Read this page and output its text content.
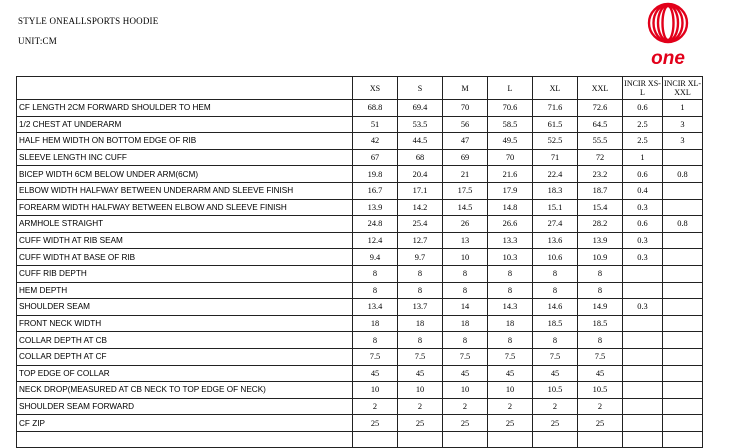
STYLE ONEALLSPORTS HOODIE
UNIT:CM
one
	XS	S	M	L	XL	XXL	INCIR XS-L	INCIR XL-XXL
CF LENGTH 2CM FORWARD SHOULDER TO HEM	68.8	69.4	70	70.6	71.6	72.6	0.6	1
1/2 CHEST AT UNDERARM	51	53.5	56	58.5	61.5	64.5	2.5	3
HALF HEM WIDTH ON BOTTOM EDGE OF RIB	42	44.5	47	49.5	52.5	55.5	2.5	3
SLEEVE LENGTH INC CUFF	67	68	69	70	71	72	1	
BICEP WIDTH 6CM BELOW UNDER ARM(6CM)	19.8	20.4	21	21.6	22.4	23.2	0.6	0.8
ELBOW WIDTH HALFWAY BETWEEN UNDERARM AND SLEEVE FINISH	16.7	17.1	17.5	17.9	18.3	18.7	0.4	
FOREARM WIDTH HALFWAY BETWEEN ELBOW AND SLEEVE FINISH	13.9	14.2	14.5	14.8	15.1	15.4	0.3	
ARMHOLE STRAIGHT	24.8	25.4	26	26.6	27.4	28.2	0.6	0.8
CUFF WIDTH AT RIB SEAM	12.4	12.7	13	13.3	13.6	13.9	0.3	
CUFF WIDTH AT BASE OF RIB	9.4	9.7	10	10.3	10.6	10.9	0.3	
CUFF RIB DEPTH	8	8	8	8	8	8		
HEM DEPTH	8	8	8	8	8	8		
SHOULDER SEAM	13.4	13.7	14	14.3	14.6	14.9	0.3	
FRONT NECK WIDTH	18	18	18	18	18.5	18.5		
COLLAR DEPTH AT CB	8	8	8	8	8	8		
COLLAR DEPTH AT CF	7.5	7.5	7.5	7.5	7.5	7.5		
TOP EDGE OF COLLAR	45	45	45	45	45	45		
NECK DROP(MEASURED AT CB NECK TO TOP EDGE OF NECK)	10	10	10	10	10.5	10.5		
SHOULDER SEAM FORWARD	2	2	2	2	2	2		
CF ZIP	25	25	25	25	25	25		
